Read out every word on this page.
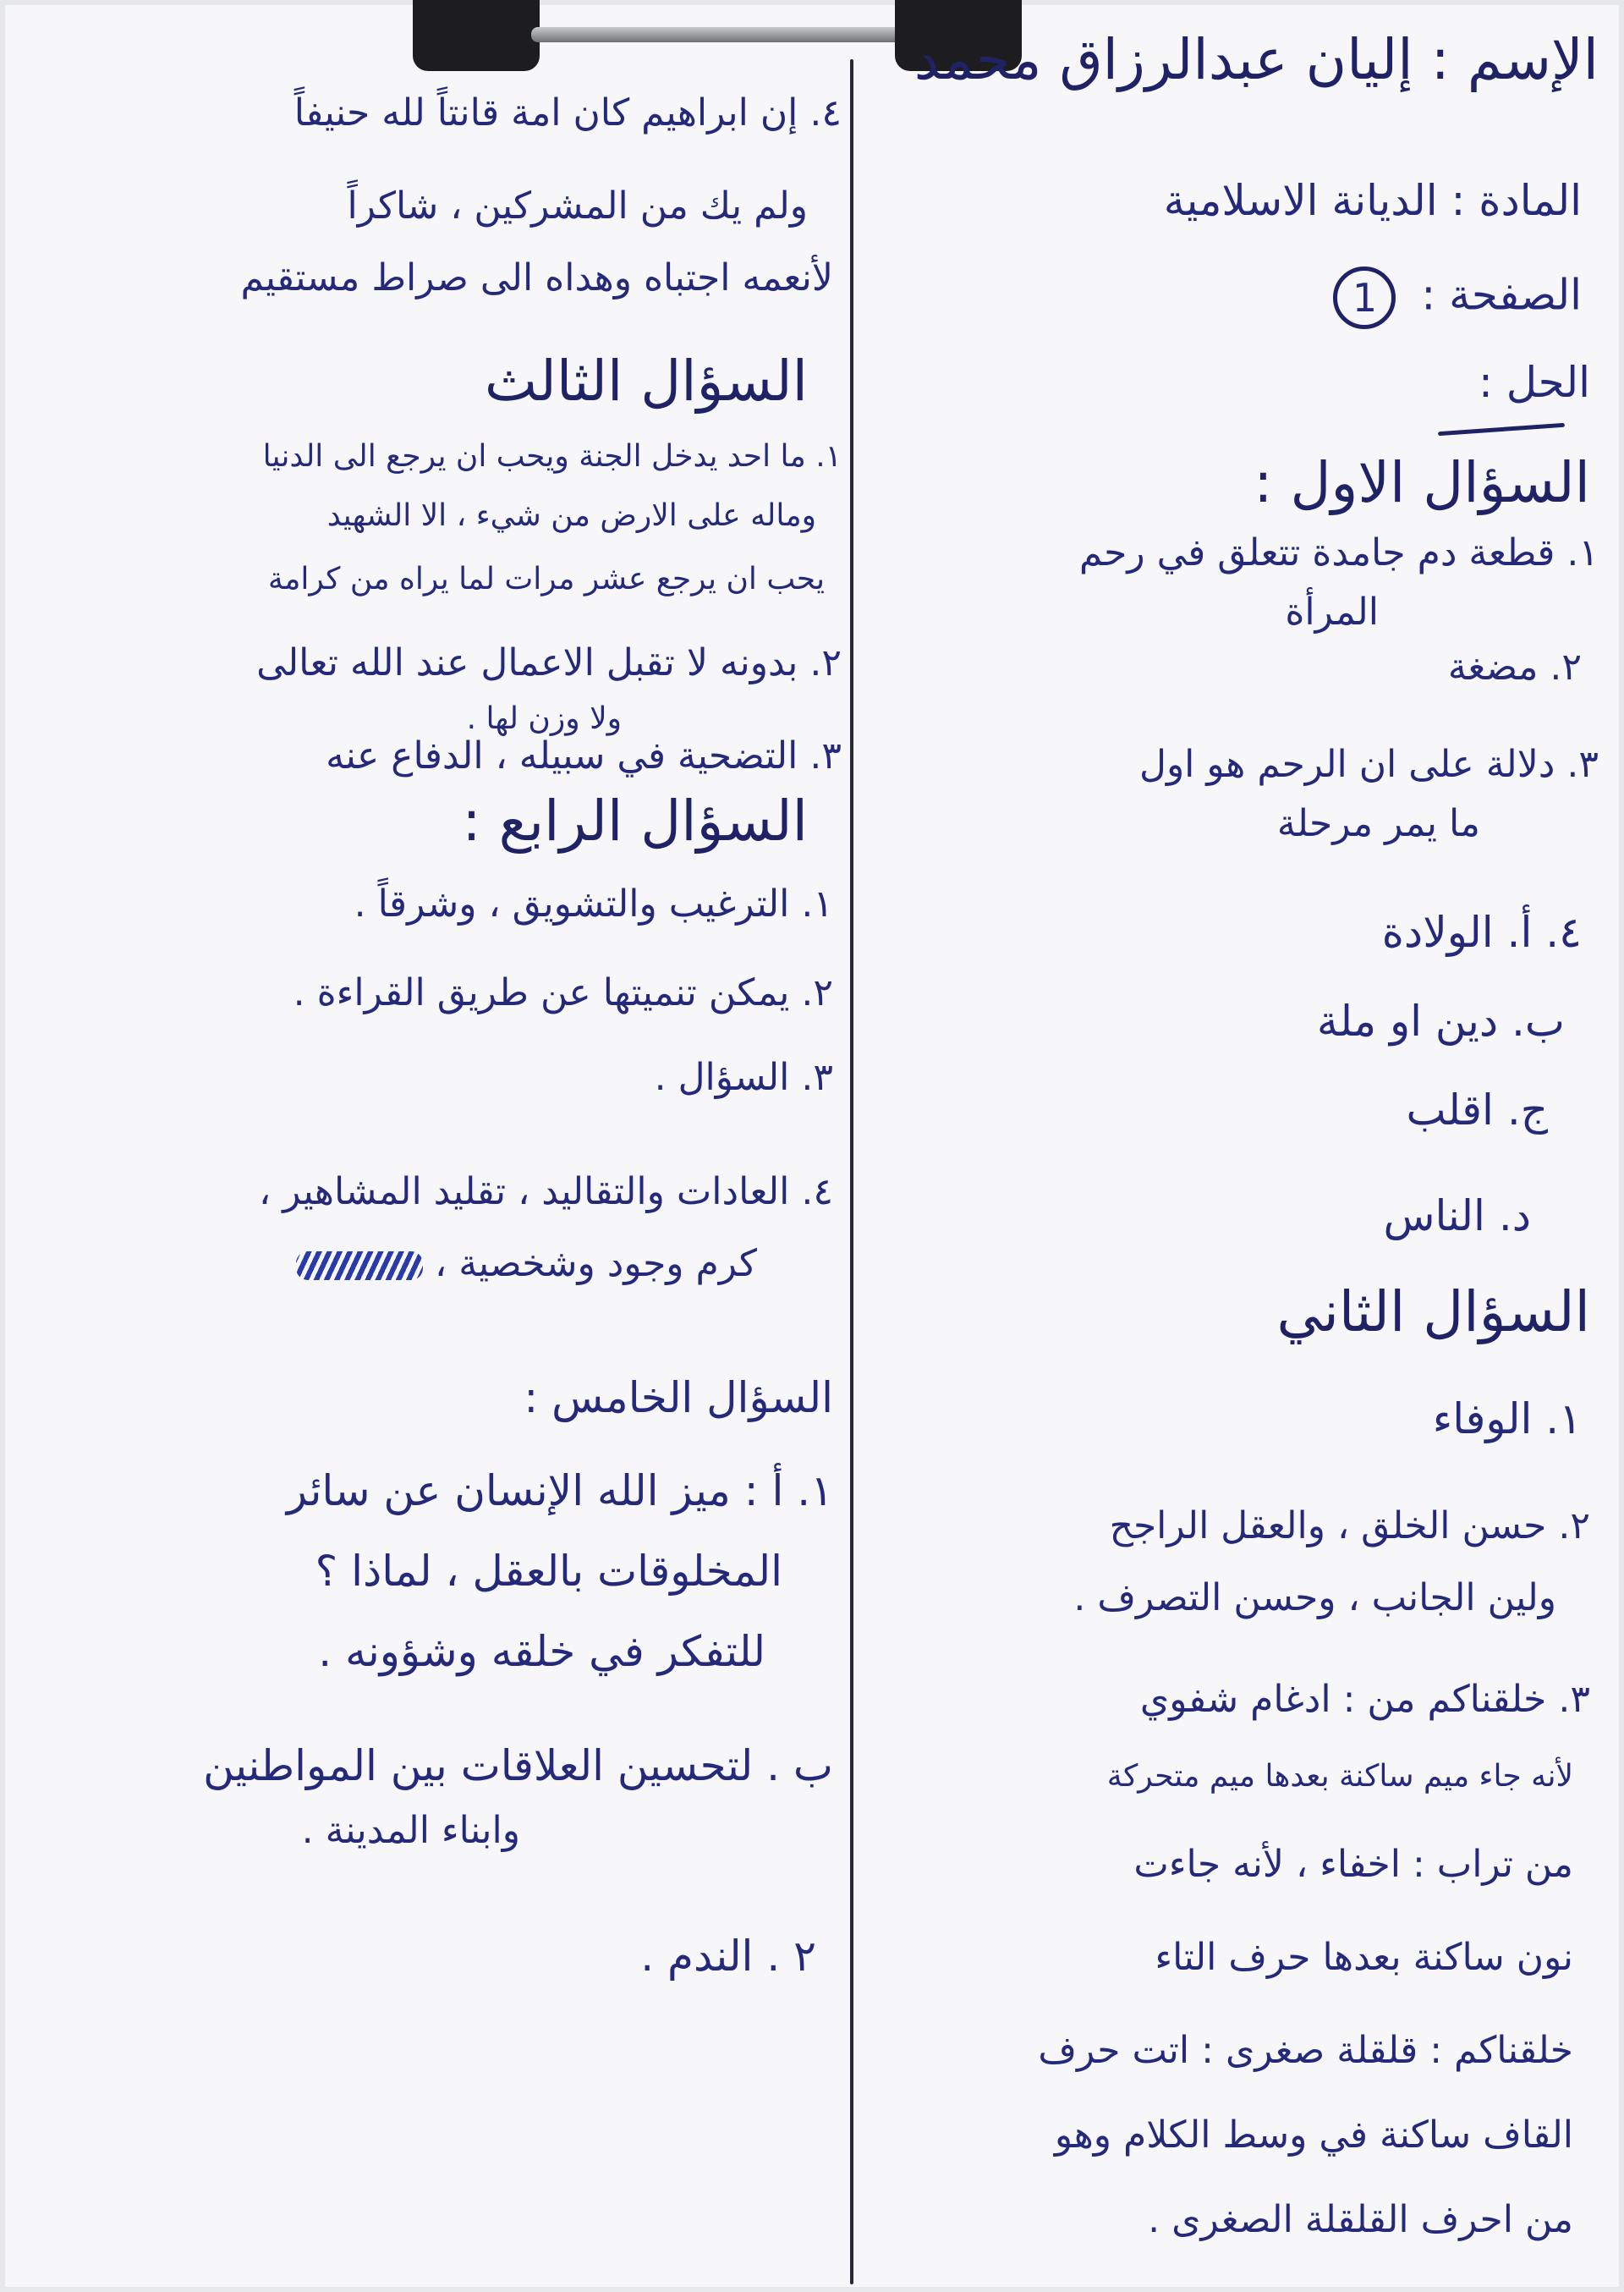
الإسم : إليان عبدالرزاق محمد
المادة : الديانة الاسلامية
الصفحة : 1
الحل :
السؤال الاول :
١. قطعة دم جامدة تتعلق في رحم
المرأة
٢. مضغة
٣. دلالة على ان الرحم هو اول
ما يمر مرحلة
٤. أ. الولادة
ب. دين او ملة
ج. اقلب
د. الناس
السؤال الثاني
١. الوفاء
٢. حسن الخلق ، والعقل الراجح
ولين الجانب ، وحسن التصرف .
٣. خلقناكم من : ادغام شفوي
لأنه جاء ميم ساكنة بعدها ميم متحركة
من تراب : اخفاء ، لأنه جاءت
نون ساكنة بعدها حرف التاء
خلقناكم : قلقلة صغرى : اتت حرف
القاف ساكنة في وسط الكلام وهو
من احرف القلقلة الصغرى .
٤. إن ابراهيم كان امة قانتاً لله حنيفاً
ولم يك من المشركين ، شاكراً
لأنعمه اجتباه وهداه الى صراط مستقيم
السؤال الثالث
١. ما احد يدخل الجنة ويحب ان يرجع الى الدنيا
وماله على الارض من شيء ، الا الشهيد
يحب ان يرجع عشر مرات لما يراه من كرامة
٢. بدونه لا تقبل الاعمال عند الله تعالى
ولا وزن لها .
٣. التضحية في سبيله ، الدفاع عنه
السؤال الرابع :
١. الترغيب والتشويق ، وشرقاً .
٢. يمكن تنميتها عن طريق القراءة .
٣. السؤال .
٤. العادات والتقاليد ، تقليد المشاهير ،
كرم وجود وشخصية ،
السؤال الخامس :
١. أ : ميز الله الإنسان عن سائر
المخلوقات بالعقل ، لماذا ؟
للتفكر في خلقه وشؤونه .
ب . لتحسين العلاقات بين المواطنين
وابناء المدينة .
٢ . الندم .
